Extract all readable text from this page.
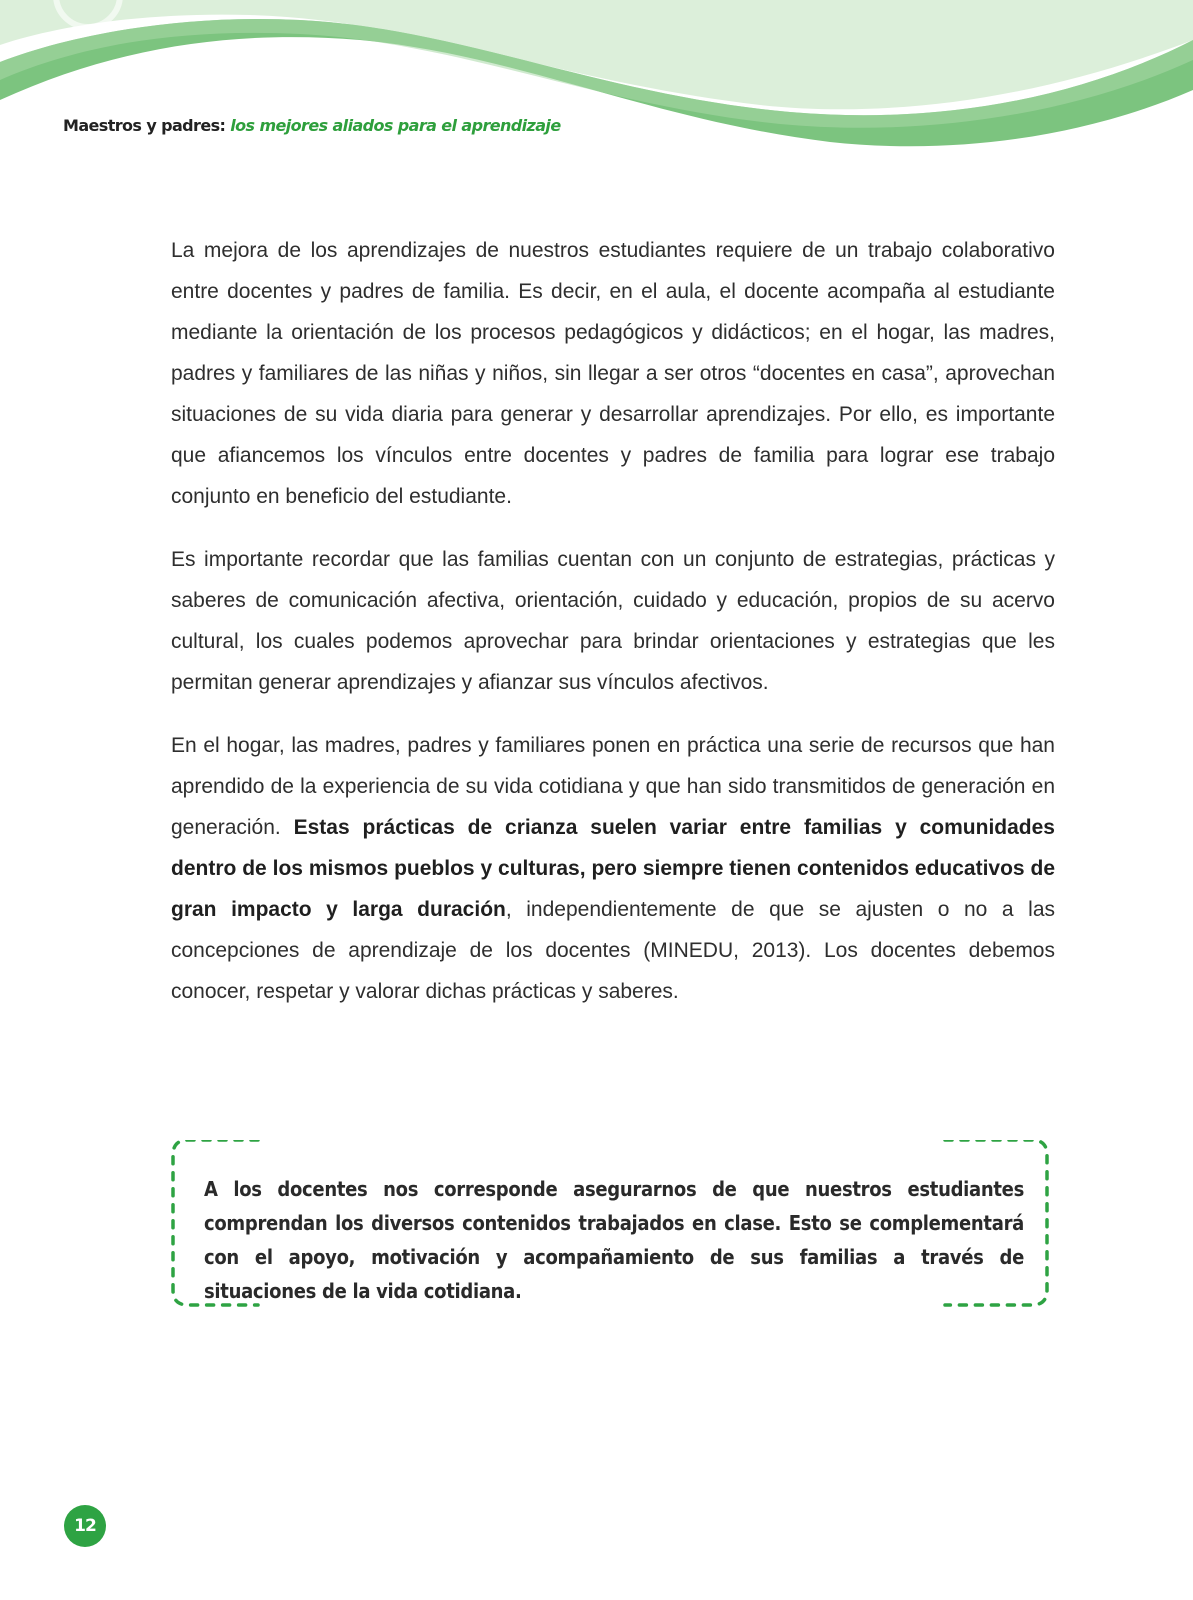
Maestros y padres: los mejores aliados para el aprendizaje

La mejora de los aprendizajes de nuestros estudiantes requiere de un trabajo colaborativo entre docentes y padres de familia. Es decir, en el aula, el docente acompaña al estudiante mediante la orientación de los procesos pedagógicos y didácticos; en el hogar, las madres, padres y familiares de las niñas y niños, sin llegar a ser otros “docentes en casa”, aprovechan situaciones de su vida diaria para generar y desarrollar aprendizajes. Por ello, es importante que afiancemos los vínculos entre docentes y padres de familia para lograr ese trabajo conjunto en beneficio del estudiante.

Es importante recordar que las familias cuentan con un conjunto de estrategias, prácticas y saberes de comunicación afectiva, orientación, cuidado y educación, propios de su acervo cultural, los cuales podemos aprovechar para brindar orientaciones y estrategias que les permitan generar aprendizajes y afianzar sus vínculos afectivos.

En el hogar, las madres, padres y familiares ponen en práctica una serie de recursos que han aprendido de la experiencia de su vida cotidiana y que han sido transmitidos de generación en generación. Estas prácticas de crianza suelen variar entre familias y comunidades dentro de los mismos pueblos y culturas, pero siempre tienen contenidos educativos de gran impacto y larga duración, independientemente de que se ajusten o no a las concepciones de aprendizaje de los docentes (MINEDU, 2013). Los docentes debemos conocer, respetar y valorar dichas prácticas y saberes.

A los docentes nos corresponde asegurarnos de que nuestros estudiantes comprendan los diversos contenidos trabajados en clase. Esto se complementará con el apoyo, motivación y acompañamiento de sus familias a través de situaciones de la vida cotidiana.
12
